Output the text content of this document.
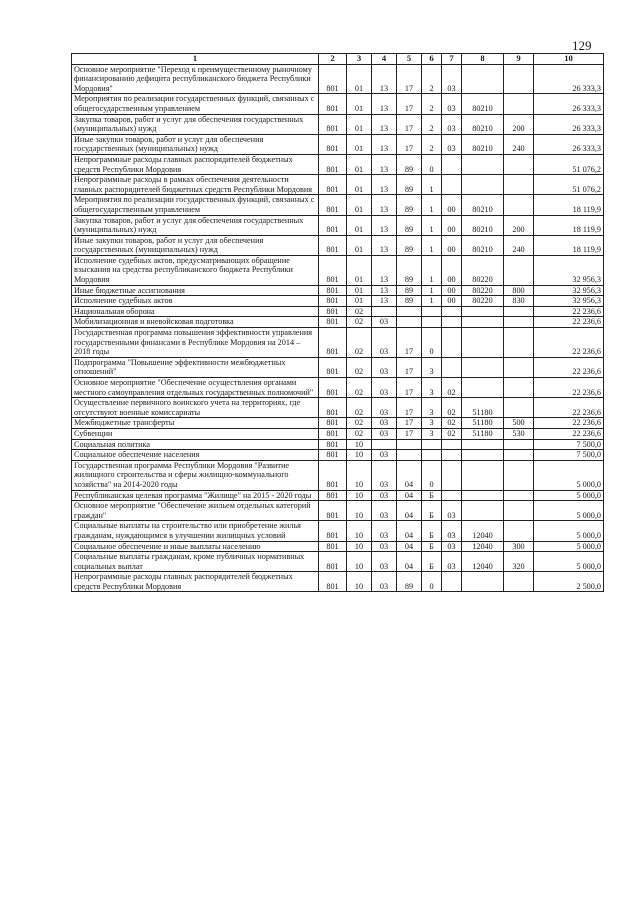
129
1	2	3	4	5	6	7	8	9	10
Основное мероприятие "Переход к преимущественному рыночному финансированию дефицита республиканского бюджета Республики Мордовия"	801	01	13	17	2	03			26 333,3
Мероприятия по реализации государственных функций, связанных с общегосударственным управлением	801	01	13	17	2	03	80210		26 333,3
Закупка товаров, работ и услуг для обеспечения государственных (муниципальных) нужд	801	01	13	17	2	03	80210	200	26 333,3
Иные закупки товаров, работ и услуг для обеспечения государственных (муниципальных) нужд	801	01	13	17	2	03	80210	240	26 333,3
Непрограммные расходы главных распорядителей бюджетных средств Республики Мордовия	801	01	13	89	0				51 076,2
Непрограммные расходы в рамках обеспечения деятельности главных распорядителей бюджетных средств Республики Мордовия	801	01	13	89	1				51 076,2
Мероприятия по реализации государственных функций, связанных с общегосударственным управлением	801	01	13	89	1	00	80210		18 119,9
Закупка товаров, работ и услуг для обеспечения государственных (муниципальных) нужд	801	01	13	89	1	00	80210	200	18 119,9
Иные закупки товаров, работ и услуг для обеспечения государственных (муниципальных) нужд	801	01	13	89	1	00	80210	240	18 119,9
Исполнение судебных актов, предусматривающих обращение взыскания на средства республиканского бюджета Республики Мордовия	801	01	13	89	1	00	80220		32 956,3
Иные бюджетные ассигнования	801	01	13	89	1	00	80220	800	32 956,3
Исполнение судебных актов	801	01	13	89	1	00	80220	830	32 956,3
Национальная оборона	801	02							22 236,6
Мобилизационная и вневойсковая подготовка	801	02	03						22 236,6
Государственная программа повышения эффективности управления государственными финансами в Республике Мордовия на 2014 – 2018 годы	801	02	03	17	0				22 236,6
Подпрограмма "Повышение эффективности межбюджетных отношений"	801	02	03	17	3				22 236,6
Основное мероприятие "Обеспечение осуществления органами местного самоуправления отдельных государственных полномочий"	801	02	03	17	3	02			22 236,6
Осуществление первичного воинского учета на территориях, где отсутствуют военные комиссариаты	801	02	03	17	3	02	51180		22 236,6
Межбюджетные трансферты	801	02	03	17	3	02	51180	500	22 236,6
Субвенции	801	02	03	17	3	02	51180	530	22 236,6
Социальная политика	801	10							7 500,0
Социальное обеспечение населения	801	10	03						7 500,0
Государственная программа Республики Мордовия "Развитие жилищного строительства и сферы жилищно-коммунального хозяйства" на 2014-2020 годы	801	10	03	04	0				5 000,0
Республиканская целевая программа "Жилище" на 2015 - 2020 годы	801	10	03	04	Б				5 000,0
Основное мероприятие "Обеспечение жильем отдельных категорий граждан"	801	10	03	04	Б	03			5 000,0
Социальные выплаты на строительство или приобретение жилья гражданам, нуждающимся в улучшении жилищных условий	801	10	03	04	Б	03	12040		5 000,0
Социальное обеспечение и иные выплаты населению	801	10	03	04	Б	03	12040	300	5 000,0
Социальные выплаты гражданам, кроме публичных нормативных социальных выплат	801	10	03	04	Б	03	12040	320	5 000,0
Непрограммные расходы главных распорядителей бюджетных средств Республики Мордовия	801	10	03	89	0				2 500,0
